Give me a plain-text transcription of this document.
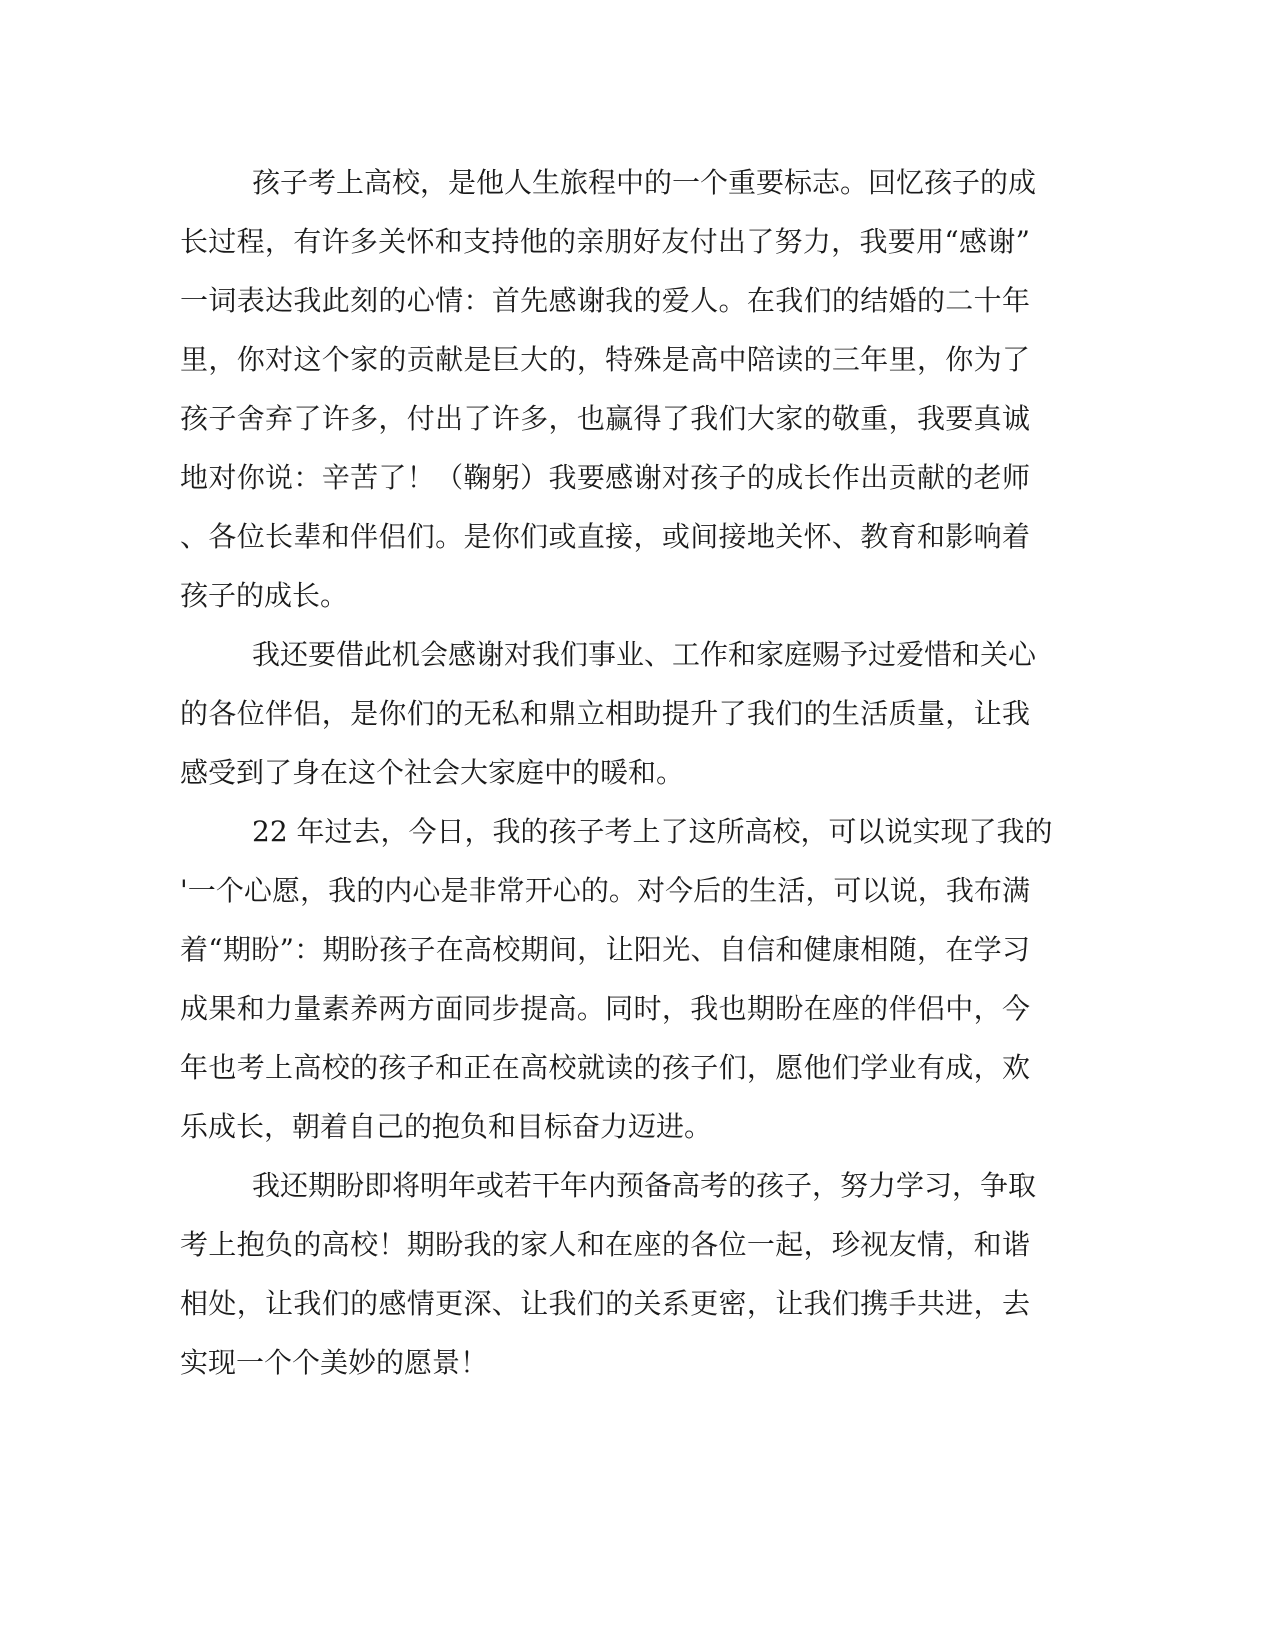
孩子考上高校，是他人生旅程中的一个重要标志。回忆孩子的成
长过程，有许多关怀和支持他的亲朋好友付出了努力，我要用“感谢”
一词表达我此刻的心情：首先感谢我的爱人。在我们的结婚的二十年
里，你对这个家的贡献是巨大的，特殊是高中陪读的三年里，你为了
孩子舍弃了许多，付出了许多，也赢得了我们大家的敬重，我要真诚
地对你说：辛苦了！（鞠躬）我要感谢对孩子的成长作出贡献的老师
、各位长辈和伴侣们。是你们或直接，或间接地关怀、教育和影响着
孩子的成长。
我还要借此机会感谢对我们事业、工作和家庭赐予过爱惜和关心
的各位伴侣，是你们的无私和鼎立相助提升了我们的生活质量，让我
感受到了身在这个社会大家庭中的暖和。
22 年过去，今日，我的孩子考上了这所高校，可以说实现了我的
'一个心愿，我的内心是非常开心的。对今后的生活，可以说，我布满
着“期盼”：期盼孩子在高校期间，让阳光、自信和健康相随，在学习
成果和力量素养两方面同步提高。同时，我也期盼在座的伴侣中，今
年也考上高校的孩子和正在高校就读的孩子们，愿他们学业有成，欢
乐成长，朝着自己的抱负和目标奋力迈进。
我还期盼即将明年或若干年内预备高考的孩子，努力学习，争取
考上抱负的高校！期盼我的家人和在座的各位一起，珍视友情，和谐
相处，让我们的感情更深、让我们的关系更密，让我们携手共进，去
实现一个个美妙的愿景！
